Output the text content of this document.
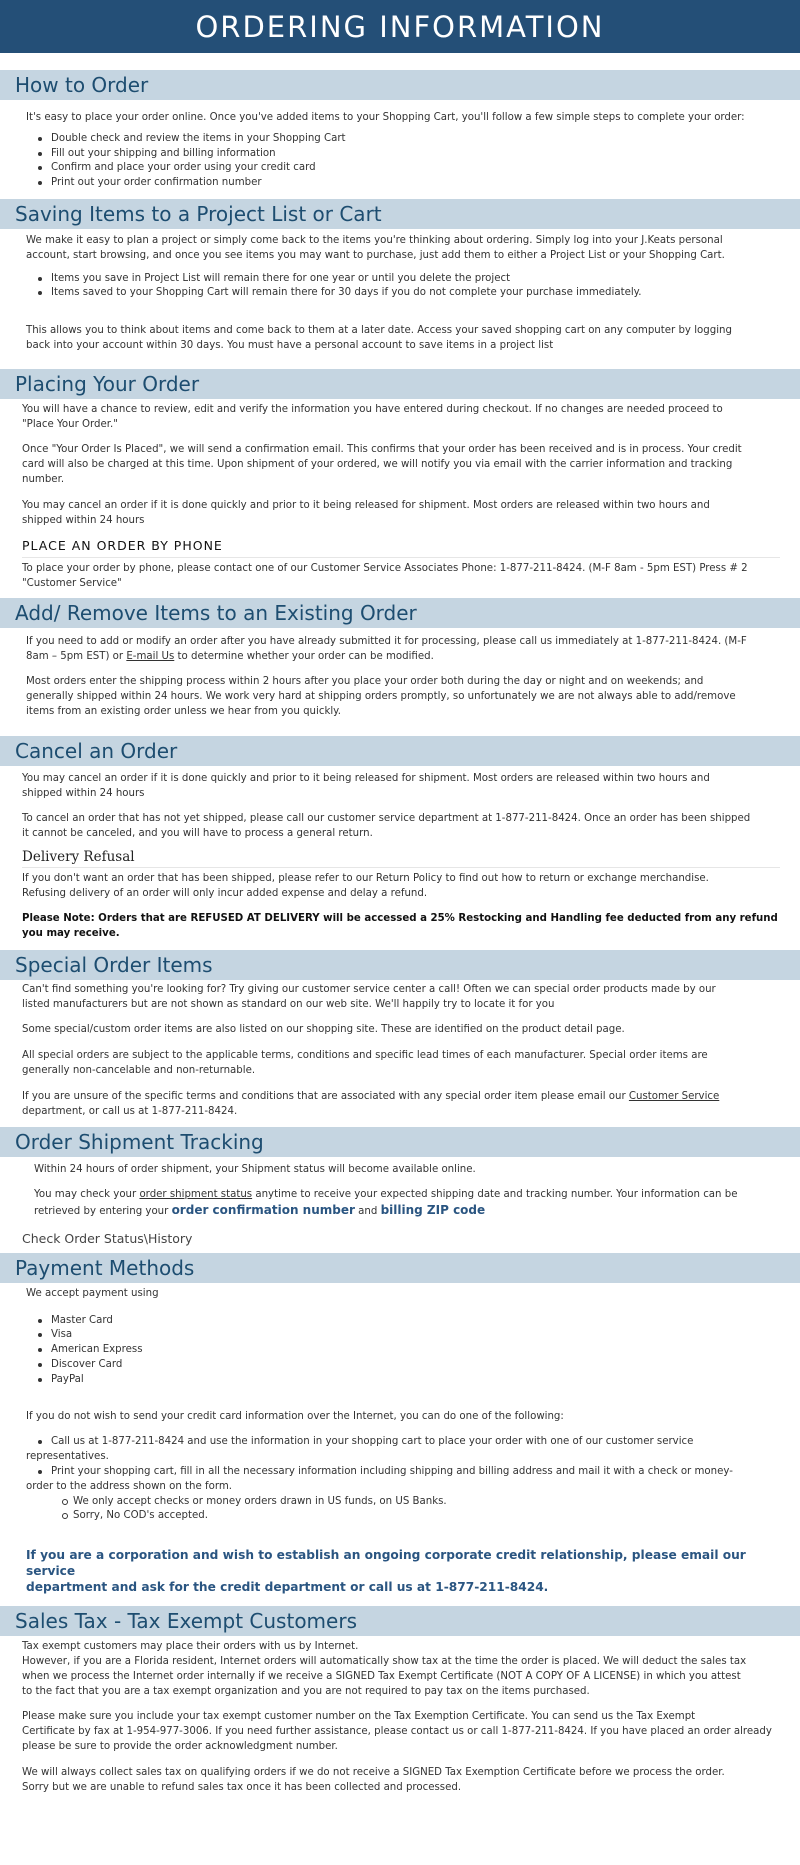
ORDERING INFORMATION
How to Order

It's easy to place your order online. Once you've added items to your Shopping Cart, you'll follow a few simple steps to complete your order:

Double check and review the items in your Shopping Cart
Fill out your shipping and billing information
Confirm and place your order using your credit card
Print out your order confirmation number
Saving Items to a Project List or Cart

We make it easy to plan a project or simply come back to the items you're thinking about ordering. Simply log into your J.Keats personal

account, start browsing, and once you see items you may want to purchase, just add them to either a Project List or your Shopping Cart.

Items you save in Project List will remain there for one year or until you delete the project
Items saved to your Shopping Cart will remain there for 30 days if you do not complete your purchase immediately.

This allows you to think about items and come back to them at a later date. Access your saved shopping cart on any computer by logging

back into your account within 30 days. You must have a personal account to save items in a project list

Placing Your Order

You will have a chance to review, edit and verify the information you have entered during checkout. If no changes are needed proceed to

"Place Your Order."

Once "Your Order Is Placed", we will send a confirmation email. This confirms that your order has been received and is in process. Your credit

card will also be charged at this time. Upon shipment of your ordered, we will notify you via email with the carrier information and tracking

number.

You may cancel an order if it is done quickly and prior to it being released for shipment. Most orders are released within two hours and

shipped within 24 hours

PLACE AN ORDER BY PHONE

To place your order by phone, please contact one of our Customer Service Associates Phone: 1-877-211-8424. (M-F 8am - 5pm EST) Press # 2

"Customer Service"

Add/ Remove Items to an Existing Order

If you need to add or modify an order after you have already submitted it for processing, please call us immediately at 1-877-211-8424. (M-F

8am – 5pm EST) or E-mail Us to determine whether your order can be modified.

Most orders enter the shipping process within 2 hours after you place your order both during the day or night and on weekends; and

generally shipped within 24 hours. We work very hard at shipping orders promptly, so unfortunately we are not always able to add/remove

items from an existing order unless we hear from you quickly.

Cancel an Order

You may cancel an order if it is done quickly and prior to it being released for shipment. Most orders are released within two hours and

shipped within 24 hours

To cancel an order that has not yet shipped, please call our customer service department at 1-877-211-8424. Once an order has been shipped

it cannot be canceled, and you will have to process a general return.

Delivery Refusal

If you don't want an order that has been shipped, please refer to our Return Policy to find out how to return or exchange merchandise.

Refusing delivery of an order will only incur added expense and delay a refund.

Please Note: Orders that are REFUSED AT DELIVERY will be accessed a 25% Restocking and Handling fee deducted from any refund

you may receive.

Special Order Items

Can't find something you're looking for? Try giving our customer service center a call! Often we can special order products made by our

listed manufacturers but are not shown as standard on our web site. We'll happily try to locate it for you

Some special/custom order items are also listed on our shopping site. These are identified on the product detail page.

All special orders are subject to the applicable terms, conditions and specific lead times of each manufacturer. Special order items are

generally non-cancelable and non-returnable.

If you are unsure of the specific terms and conditions that are associated with any special order item please email our Customer Service

department, or call us at 1-877-211-8424.

Order Shipment Tracking

Within 24 hours of order shipment, your Shipment status will become available online.

You may check your order shipment status anytime to receive your expected shipping date and tracking number. Your information can be

retrieved by entering your order confirmation number and billing ZIP code

Check Order Status\History
Payment Methods

We accept payment using

Master Card
Visa
American Express
Discover Card
PayPal

If you do not wish to send your credit card information over the Internet, you can do one of the following:

Call us at 1-877-211-8424 and use the information in your shopping cart to place your order with one of our customer service

representatives.

Print your shopping cart, fill in all the necessary information including shipping and billing address and mail it with a check or money-

order to the address shown on the form.

We only accept checks or money orders drawn in US funds, on US Banks.
Sorry, No COD's accepted.

If you are a corporation and wish to establish an ongoing corporate credit relationship, please email our service

department and ask for the credit department or call us at 1-877-211-8424.

Sales Tax - Tax Exempt Customers

Tax exempt customers may place their orders with us by Internet.

However, if you are a Florida resident, Internet orders will automatically show tax at the time the order is placed. We will deduct the sales tax

when we process the Internet order internally if we receive a SIGNED Tax Exempt Certificate (NOT A COPY OF A LICENSE) in which you attest

to the fact that you are a tax exempt organization and you are not required to pay tax on the items purchased.

Please make sure you include your tax exempt customer number on the Tax Exemption Certificate. You can send us the Tax Exempt

Certificate by fax at 1-954-977-3006. If you need further assistance, please contact us or call 1-877-211-8424. If you have placed an order already

please be sure to provide the order acknowledgment number.

We will always collect sales tax on qualifying orders if we do not receive a SIGNED Tax Exemption Certificate before we process the order.

Sorry but we are unable to refund sales tax once it has been collected and processed.
